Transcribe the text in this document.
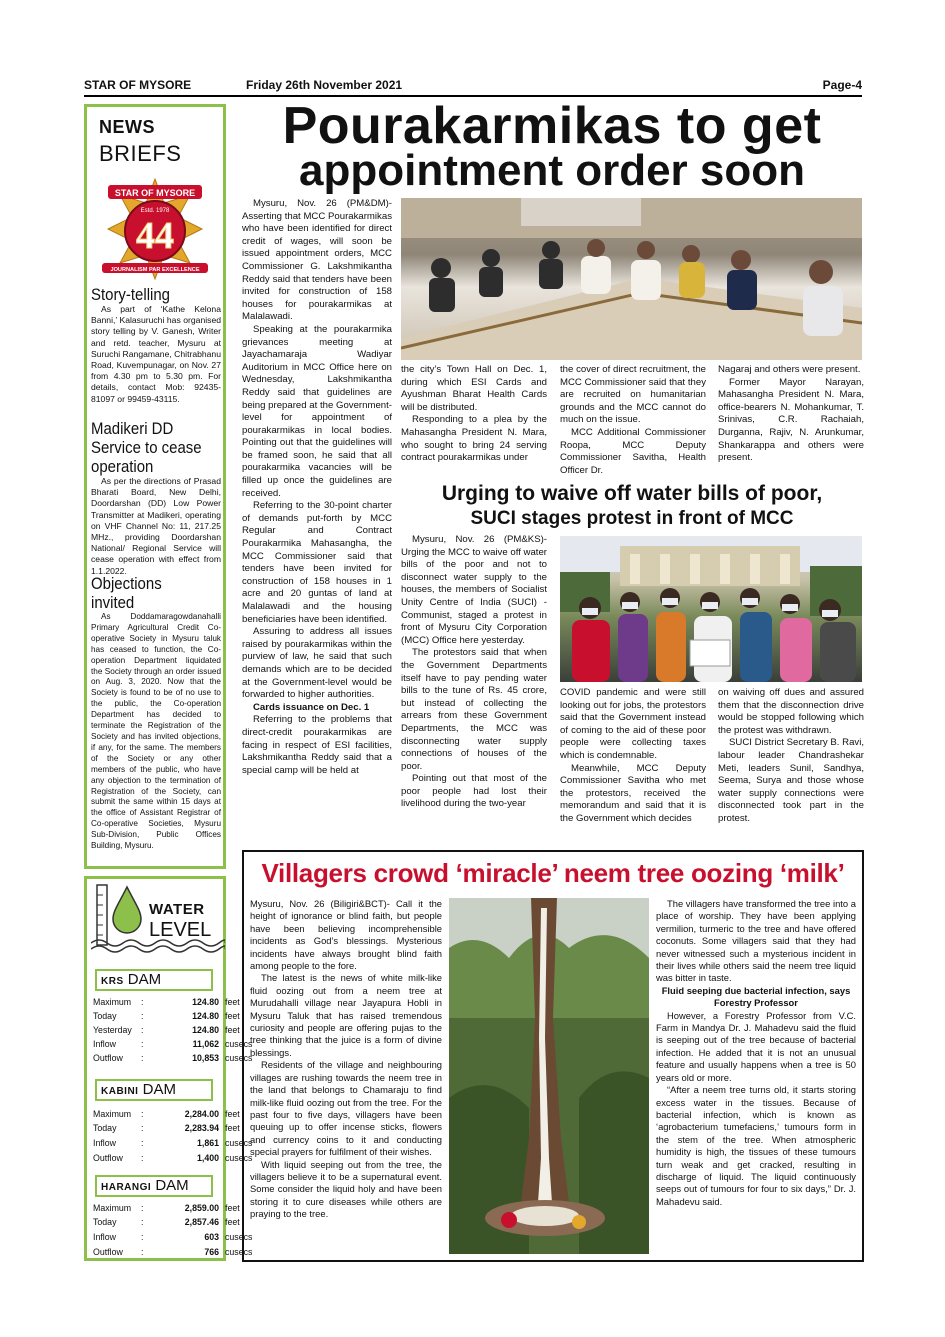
STAR OF MYSORE	Friday 26th November 2021	Page-4
NEWS
BRIEFS
STAR OF MYSORE
Estd. 1978
44
JOURNALISM PAR EXCELLENCE
Story-telling

As part of ‘Kathe Kelona Banni,’ Kalasuruchi has organised story telling by V. Ganesh, Writer and retd. teacher, Mysuru at Suruchi Rangamane, Chitrabhanu Road, Kuvempunagar, on Nov. 27 from 4.30 pm to 5.30 pm. For details, contact Mob: 92435-81097 or 99459-43115.

Madikeri DD Service to cease operation

As per the directions of Prasad Bharati Board, New Delhi, Doordarshan (DD) Low Power Transmitter at Madikeri, operating on VHF Channel No: 11, 217.25 MHz., providing Doordarshan National/ Regional Service will cease operation with effect from 1.1.2022.

Objections invited

As Doddamaragowdanahalli Primary Agricultural Credit Co-operative Society in Mysuru taluk has ceased to function, the Co-operation Department liquidated the Society through an order issued on Aug. 3, 2020. Now that the Society is found to be of no use to the public, the Co-operation Department has decided to terminate the Registration of the Society and has invited objections, if any, for the same. The members of the Society or any other members of the public, who have any objection to the termination of Registration of the Society, can submit the same within 15 days at the office of Assistant Registrar of Co-operative Societies, Mysuru Sub-Division, Public Offices Building, Mysuru.

WATER
LEVEL
KRS DAM
Maximum :	124.80 feet
Today	:	124.80 feet
Yesterday :	124.80 feet
Inflow	:	11,062 cusecs
Outflow :	10,853 cusecs
KABINI DAM
Maximum :	2,284.00 feet
Today	:	2,283.94 feet
Inflow	:	1,861 cusecs
Outflow :	1,400 cusecs
HARANGI DAM
Maximum :	2,859.00 feet
Today	:	2,857.46 feet
Inflow	:	603 cusecs
Outflow :	766 cusecs
Pourakarmikas to get
appointment order soon

Mysuru, Nov. 26 (PM&DM)- Asserting that MCC Pourakarmikas who have been identified for direct credit of wages, will soon be issued appointment orders, MCC Commissioner G. Lakshmikantha Reddy said that tenders have been invited for construction of 158 houses for pourakarmikas at Malalawadi.

Speaking at the pourakarmika grievances meeting at Jayachamaraja Wadiyar Auditorium in MCC Office here on Wednesday, Lakshmikantha Reddy said that guidelines are being prepared at the Government-level for appointment of pourakarmikas in local bodies. Pointing out that the guidelines will be framed soon, he said that all pourakarmika vacancies will be filled up once the guidelines are received.

Referring to the 30-point charter of demands put-forth by MCC Regular and Contract Pourakarmika Mahasangha, the MCC Commissioner said that tenders have been invited for construction of 158 houses in 1 acre and 20 guntas of land at Malalawadi and the housing beneficiaries have been identified.

Assuring to address all issues raised by pourakarmikas within the purview of law, he said that such demands which are to be decided at the Government-level would be forwarded to higher authorities.

Cards issuance on Dec. 1

Referring to the problems that direct-credit pourakarmikas are facing in respect of ESI facilities, Lakshmikantha Reddy said that a special camp will be held at

the city’s Town Hall on Dec. 1, during which ESI Cards and Ayushman Bharat Health Cards will be distributed.

Responding to a plea by the Mahasangha President N. Mara, who sought to bring 24 serving contract pourakarmikas under

the cover of direct recruitment, the MCC Commissioner said that they are recruited on humanitarian grounds and the MCC cannot do much on the issue.

MCC Additional Commissioner Roopa, MCC Deputy Commissioner Savitha, Health Officer Dr.

Nagaraj and others were present.

Former Mayor Narayan, Mahasangha President N. Mara, office-bearers N. Mohankumar, T. Srinivas, C.R. Rachaiah, Durganna, Rajiv, N. Arunkumar, Shankarappa and others were present.

Urging to waive off water bills of poor,
SUCI stages protest in front of MCC

Mysuru, Nov. 26 (PM&KS)- Urging the MCC to waive off water bills of the poor and not to disconnect water supply to the houses, the members of Socialist Unity Centre of India (SUCI) - Communist, staged a protest in front of Mysuru City Corporation (MCC) Office here yesterday.

The protestors said that when the Government Departments itself have to pay pending water bills to the tune of Rs. 45 crore, but instead of collecting the arrears from these Government Departments, the MCC was disconnecting water supply connections of houses of the poor.

Pointing out that most of the poor people had lost their livelihood during the two-year

COVID pandemic and were still looking out for jobs, the protestors said that the Government instead of coming to the aid of these poor people were collecting taxes which is condemnable.

Meanwhile, MCC Deputy Commissioner Savitha who met the protestors, received the memorandum and said that it is the Government which decides

on waiving off dues and assured them that the disconnection drive would be stopped following which the protest was withdrawn.

SUCI District Secretary B. Ravi, labour leader Chandrashekar Meti, leaders Sunil, Sandhya, Seema, Surya and those whose water supply connections were disconnected took part in the protest.

Villagers crowd ‘miracle’ neem tree oozing ‘milk’

Mysuru, Nov. 26 (Biligiri&BCT)- Call it the height of ignorance or blind faith, but people have been believing incomprehensible incidents as God’s blessings. Mysterious incidents have always brought blind faith among people to the fore.

The latest is the news of white milk-like fluid oozing out from a neem tree at Murudahalli village near Jayapura Hobli in Mysuru Taluk that has raised tremendous curiosity and people are offering pujas to the tree thinking that the juice is a form of divine blessings.

Residents of the village and neighbouring villages are rushing towards the neem tree in the land that belongs to Chamaraju to find milk-like fluid oozing out from the tree. For the past four to five days, villagers have been queuing up to offer incense sticks, flowers and currency coins to it and conducting special prayers for fulfilment of their wishes.

With liquid seeping out from the tree, the villagers believe it to be a supernatural event. Some consider the liquid holy and have been storing it to cure diseases while others are praying to the tree.

The villagers have transformed the tree into a place of worship. They have been applying vermilion, turmeric to the tree and have offered coconuts. Some villagers said that they had never witnessed such a mysterious incident in their lives while others said the neem tree liquid was bitter in taste.

Fluid seeping due bacterial infection, says Forestry Professor

However, a Forestry Professor from V.C. Farm in Mandya Dr. J. Mahadevu said the fluid is seeping out of the tree because of bacterial infection. He added that it is not an unusual feature and usually happens when a tree is 50 years old or more.

“After a neem tree turns old, it starts storing excess water in the tissues. Because of bacterial infection, which is known as ‘agrobacterium tumefaciens,’ tumours form in the stem of the tree. When atmospheric humidity is high, the tissues of these tumours turn weak and get cracked, resulting in discharge of liquid. The liquid continuously seeps out of tumours for four to six days,” Dr. J. Mahadevu said.
